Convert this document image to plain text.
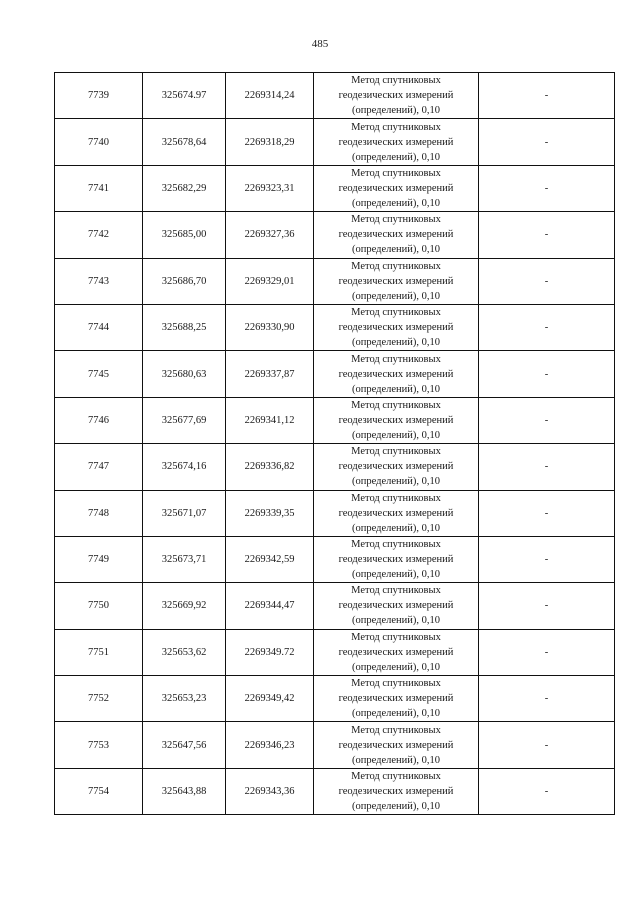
485
7739	325674.97	2269314,24	Метод спутниковых
геодезических измерений
(определений), 0,10	-
7740	325678,64	2269318,29	Метод спутниковых
геодезических измерений
(определений), 0,10	-
7741	325682,29	2269323,31	Метод спутниковых
геодезических измерений
(определений), 0,10	-
7742	325685,00	2269327,36	Метод спутниковых
геодезических измерений
(определений), 0,10	-
7743	325686,70	2269329,01	Метод спутниковых
геодезических измерений
(определений), 0,10	-
7744	325688,25	2269330,90	Метод спутниковых
геодезических измерений
(определений), 0,10	-
7745	325680,63	2269337,87	Метод спутниковых
геодезических измерений
(определений), 0,10	-
7746	325677,69	2269341,12	Метод спутниковых
геодезических измерений
(определений), 0,10	-
7747	325674,16	2269336,82	Метод спутниковых
геодезических измерений
(определений), 0,10	-
7748	325671,07	2269339,35	Метод спутниковых
геодезических измерений
(определений), 0,10	-
7749	325673,71	2269342,59	Метод спутниковых
геодезических измерений
(определений), 0,10	-
7750	325669,92	2269344,47	Метод спутниковых
геодезических измерений
(определений), 0,10	-
7751	325653,62	2269349.72	Метод спутниковых
геодезических измерений
(определений), 0,10	-
7752	325653,23	2269349,42	Метод спутниковых
геодезических измерений
(определений), 0,10	-
7753	325647,56	2269346,23	Метод спутниковых
геодезических измерений
(определений), 0,10	-
7754	325643,88	2269343,36	Метод спутниковых
геодезических измерений
(определений), 0,10	-
